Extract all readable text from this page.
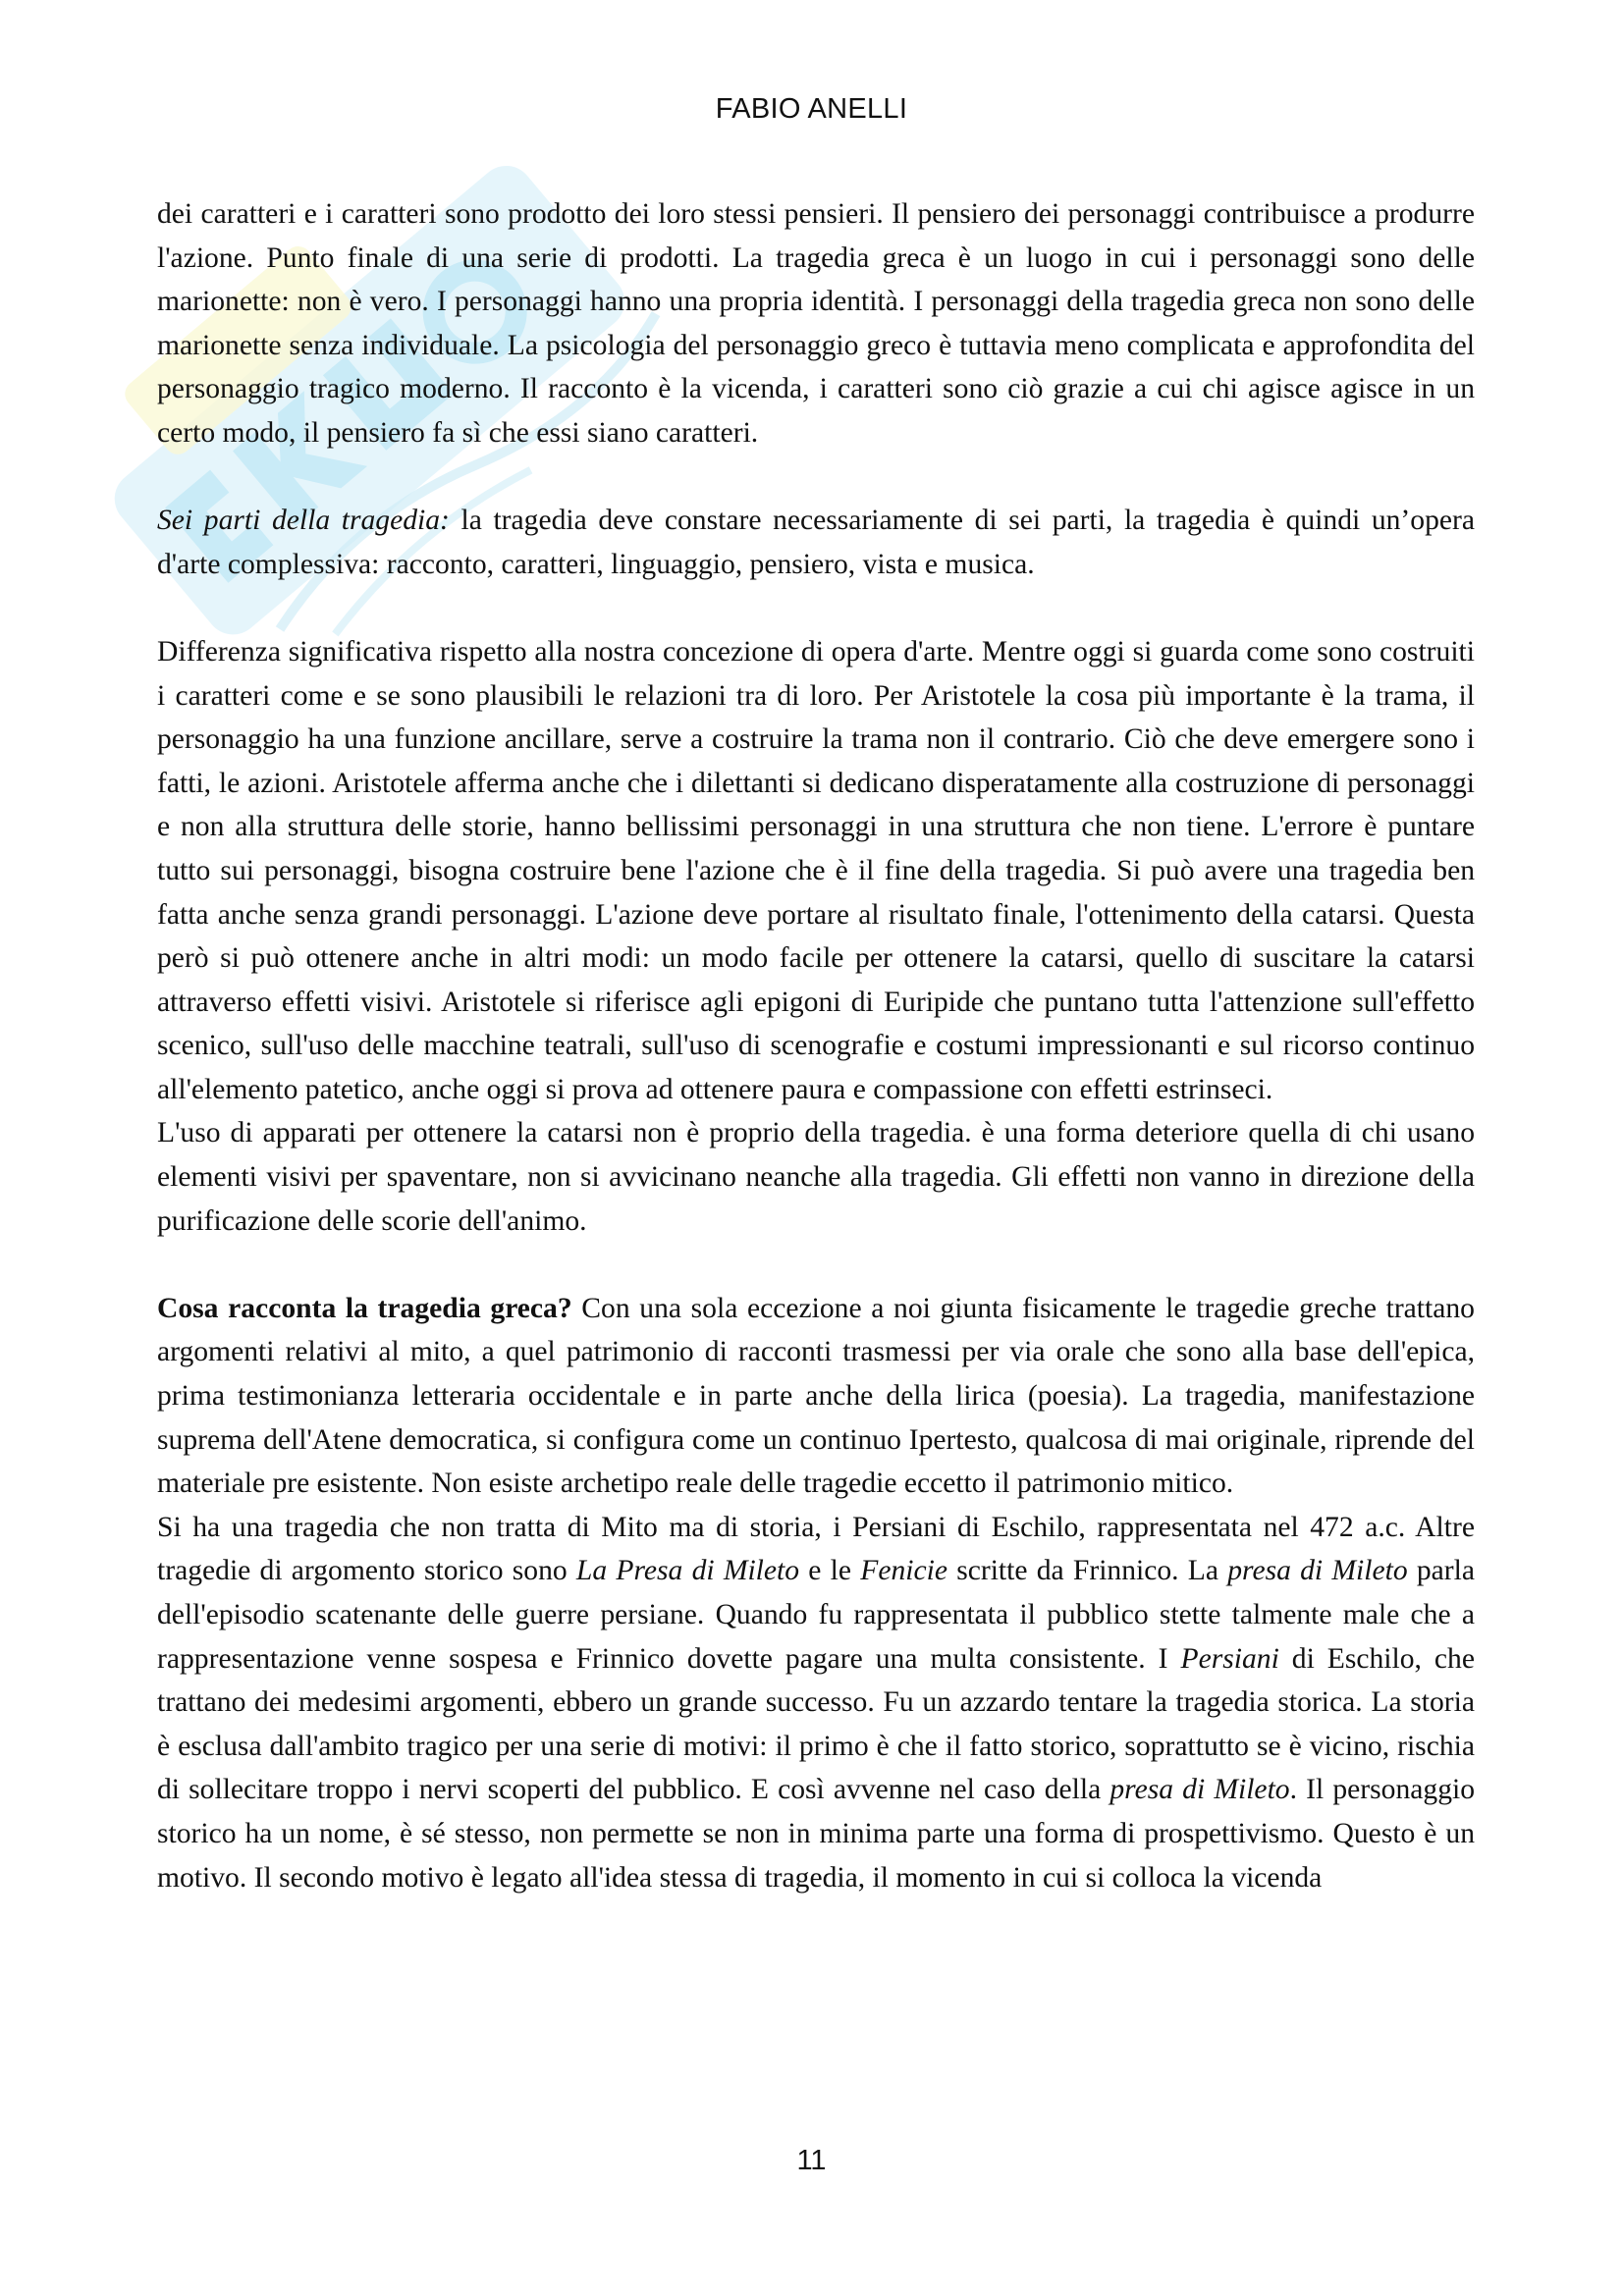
FABIO ANELLI

dei caratteri e i caratteri sono prodotto dei loro stessi pensieri. Il pensiero dei personaggi contribuisce a produrre l'azione. Punto finale di una serie di prodotti. La tragedia greca è un luogo in cui i personaggi sono delle marionette: non è vero. I personaggi hanno una propria identità. I personaggi della tragedia greca non sono delle marionette senza individuale. La psicologia del personaggio greco è tuttavia meno complicata e approfondita del personaggio tragico moderno. Il racconto è la vicenda, i caratteri sono ciò grazie a cui chi agisce agisce in un certo modo, il pensiero fa sì che essi siano caratteri.

Sei parti della tragedia: la tragedia deve constare necessariamente di sei parti, la tragedia è quindi un’opera d'arte complessiva: racconto, caratteri, linguaggio, pensiero, vista e musica.

Differenza significativa rispetto alla nostra concezione di opera d'arte. Mentre oggi si guarda come sono costruiti i caratteri come e se sono plausibili le relazioni tra di loro. Per Aristotele la cosa più importante è la trama, il personaggio ha una funzione ancillare, serve a costruire la trama non il contrario. Ciò che deve emergere sono i fatti, le azioni. Aristotele afferma anche che i dilettanti si dedicano disperatamente alla costruzione di personaggi e non alla struttura delle storie, hanno bellissimi personaggi in una struttura che non tiene. L'errore è puntare tutto sui personaggi, bisogna costruire bene l'azione che è il fine della tragedia. Si può avere una tragedia ben fatta anche senza grandi personaggi. L'azione deve portare al risultato finale, l'ottenimento della catarsi. Questa però si può ottenere anche in altri modi: un modo facile per ottenere la catarsi, quello di suscitare la catarsi attraverso effetti visivi. Aristotele si riferisce agli epigoni di Euripide che puntano tutta l'attenzione sull'effetto scenico, sull'uso delle macchine teatrali, sull'uso di scenografie e costumi impressionanti e sul ricorso continuo all'elemento patetico, anche oggi si prova ad ottenere paura e compassione con effetti estrinseci.

L'uso di apparati per ottenere la catarsi non è proprio della tragedia. è una forma deteriore quella di chi usano elementi visivi per spaventare, non si avvicinano neanche alla tragedia. Gli effetti non vanno in direzione della purificazione delle scorie dell'animo.

Cosa racconta la tragedia greca? Con una sola eccezione a noi giunta fisicamente le tragedie greche trattano argomenti relativi al mito, a quel patrimonio di racconti trasmessi per via orale che sono alla base dell'epica, prima testimonianza letteraria occidentale e in parte anche della lirica (poesia). La tragedia, manifestazione suprema dell'Atene democratica, si configura come un continuo Ipertesto, qualcosa di mai originale, riprende del materiale pre esistente. Non esiste archetipo reale delle tragedie eccetto il patrimonio mitico.

Si ha una tragedia che non tratta di Mito ma di storia, i Persiani di Eschilo, rappresentata nel 472 a.c. Altre tragedie di argomento storico sono La Presa di Mileto e le Fenicie scritte da Frinnico. La presa di Mileto parla dell'episodio scatenante delle guerre persiane. Quando fu rappresentata il pubblico stette talmente male che a rappresentazione venne sospesa e Frinnico dovette pagare una multa consistente. I Persiani di Eschilo, che trattano dei medesimi argomenti, ebbero un grande successo. Fu un azzardo tentare la tragedia storica. La storia è esclusa dall'ambito tragico per una serie di motivi: il primo è che il fatto storico, soprattutto se è vicino, rischia di sollecitare troppo i nervi scoperti del pubblico. E così avvenne nel caso della presa di Mileto. Il personaggio storico ha un nome, è sé stesso, non permette se non in minima parte una forma di prospettivismo. Questo è un motivo. Il secondo motivo è legato all'idea stessa di tragedia, il momento in cui si colloca la vicenda

11
